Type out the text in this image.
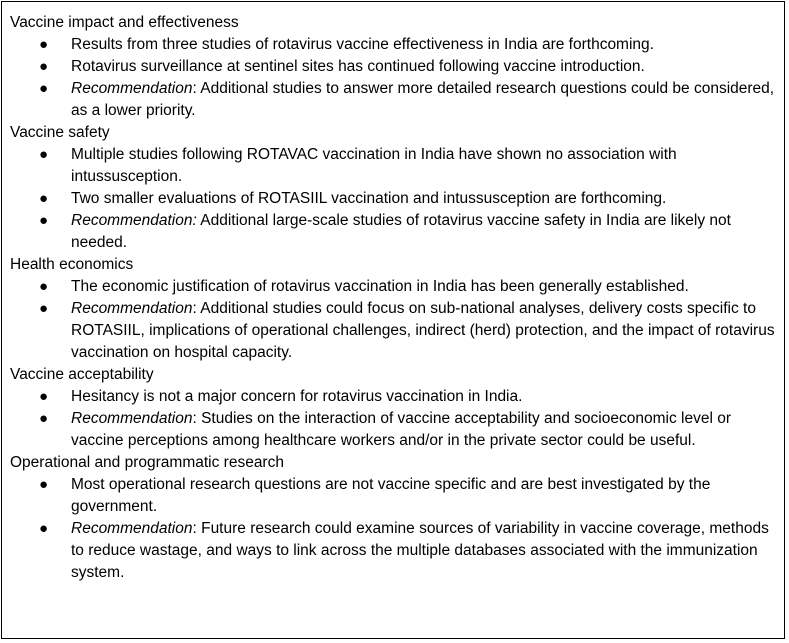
Vaccine impact and effectiveness

● Results from three studies of rotavirus vaccine effectiveness in India are forthcoming.
● Rotavirus surveillance at sentinel sites has continued following vaccine introduction.
● Recommendation: Additional studies to answer more detailed research questions could be considered, as a lower priority.

Vaccine safety

● Multiple studies following ROTAVAC vaccination in India have shown no association with intussusception.
● Two smaller evaluations of ROTASIIL vaccination and intussusception are forthcoming.
● Recommendation: Additional large-scale studies of rotavirus vaccine safety in India are likely not needed.

Health economics

● The economic justification of rotavirus vaccination in India has been generally established.
● Recommendation: Additional studies could focus on sub-national analyses, delivery costs specific to ROTASIIL, implications of operational challenges, indirect (herd) protection, and the impact of rotavirus vaccination on hospital capacity.

Vaccine acceptability

● Hesitancy is not a major concern for rotavirus vaccination in India.
● Recommendation: Studies on the interaction of vaccine acceptability and socioeconomic level or vaccine perceptions among healthcare workers and/or in the private sector could be useful.

Operational and programmatic research

● Most operational research questions are not vaccine specific and are best investigated by the government.
● Recommendation: Future research could examine sources of variability in vaccine coverage, methods to reduce wastage, and ways to link across the multiple databases associated with the immunization system.
